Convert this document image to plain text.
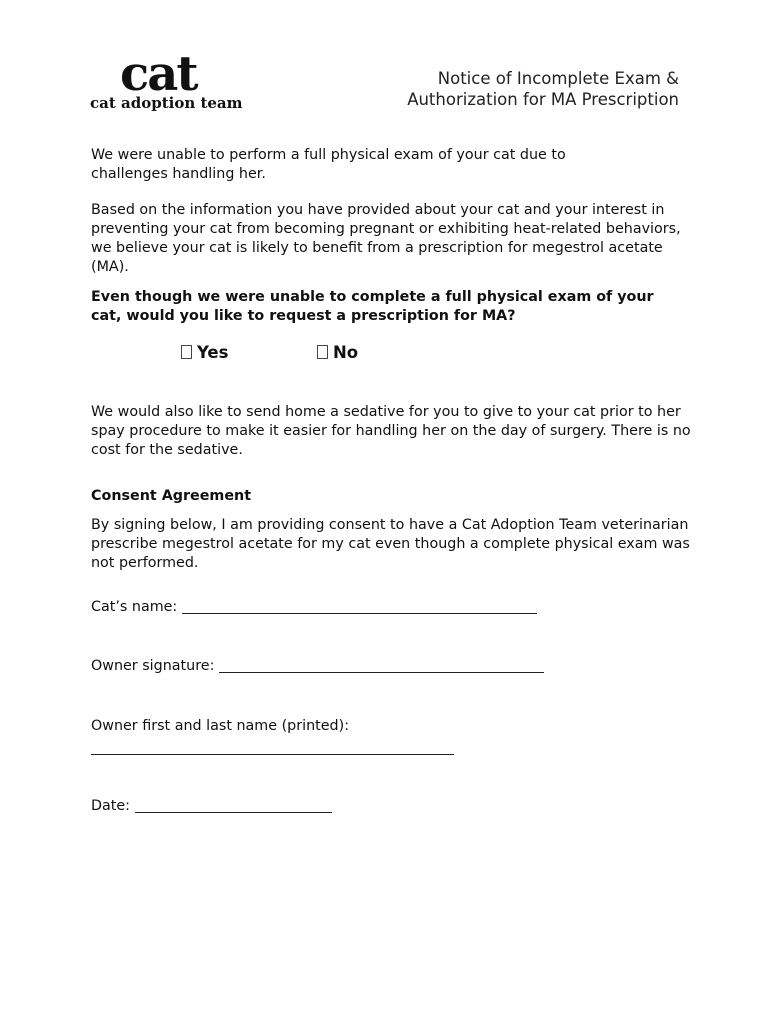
cat
cat adoption team
Notice of Incomplete Exam &
Authorization for MA Prescription
We were unable to perform a full physical exam of your cat due to challenges handling her.
Based on the information you have provided about your cat and your interest in preventing your cat from becoming pregnant or exhibiting heat-related behaviors, we believe your cat is likely to benefit from a prescription for megestrol acetate (MA).
Even though we were unable to complete a full physical exam of your cat, would you like to request a prescription for MA?
Yes	No
We would also like to send home a sedative for you to give to your cat prior to her spay procedure to make it easier for handling her on the day of surgery. There is no cost for the sedative.
Consent Agreement
By signing below, I am providing consent to have a Cat Adoption Team veterinarian prescribe megestrol acetate for my cat even though a complete physical exam was not performed.
Cat’s name:
Owner signature:
Owner first and last name (printed):
Date:
